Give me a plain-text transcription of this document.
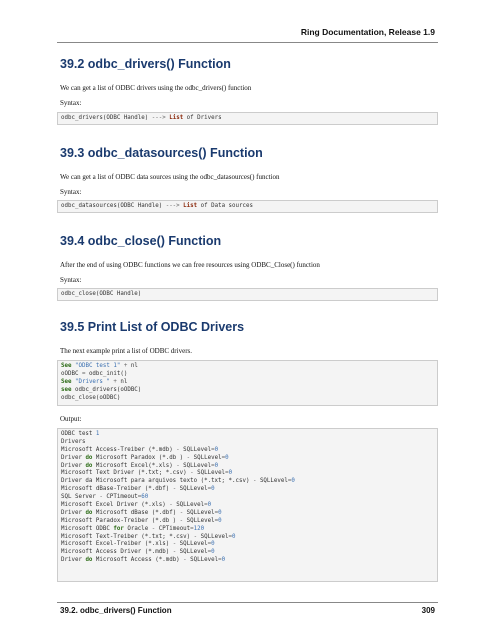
Ring Documentation, Release 1.9
39.2 odbc_drivers() Function
We can get a list of ODBC drivers using the odbc_drivers() function
Syntax:
odbc_drivers(ODBC Handle) ---> List of Drivers
39.3 odbc_datasources() Function
We can get a list of ODBC data sources using the odbc_datasources() function
Syntax:
odbc_datasources(ODBC Handle) ---> List of Data sources
39.4 odbc_close() Function
After the end of using ODBC functions we can free resources using ODBC_Close() function
Syntax:
odbc_close(ODBC Handle)
39.5 Print List of ODBC Drivers
The next example print a list of ODBC drivers.
See "ODBC test 1" + nl
oODBC = odbc_init()
See "Drivers " + nl
see odbc_drivers(oODBC)
odbc_close(oODBC)
Output:
ODBC test 1
Drivers
Microsoft Access-Treiber (*.mdb) - SQLLevel=0
Driver do Microsoft Paradox (*.db ) - SQLLevel=0
Driver do Microsoft Excel(*.xls) - SQLLevel=0
Microsoft Text Driver (*.txt; *.csv) - SQLLevel=0
Driver da Microsoft para arquivos texto (*.txt; *.csv) - SQLLevel=0
Microsoft dBase-Treiber (*.dbf) - SQLLevel=0
SQL Server - CPTimeout=60
Microsoft Excel Driver (*.xls) - SQLLevel=0
Driver do Microsoft dBase (*.dbf) - SQLLevel=0
Microsoft Paradox-Treiber (*.db ) - SQLLevel=0
Microsoft ODBC for Oracle - CPTimeout=120
Microsoft Text-Treiber (*.txt; *.csv) - SQLLevel=0
Microsoft Excel-Treiber (*.xls) - SQLLevel=0
Microsoft Access Driver (*.mdb) - SQLLevel=0
Driver do Microsoft Access (*.mdb) - SQLLevel=0
39.2. odbc_drivers() Function	309
